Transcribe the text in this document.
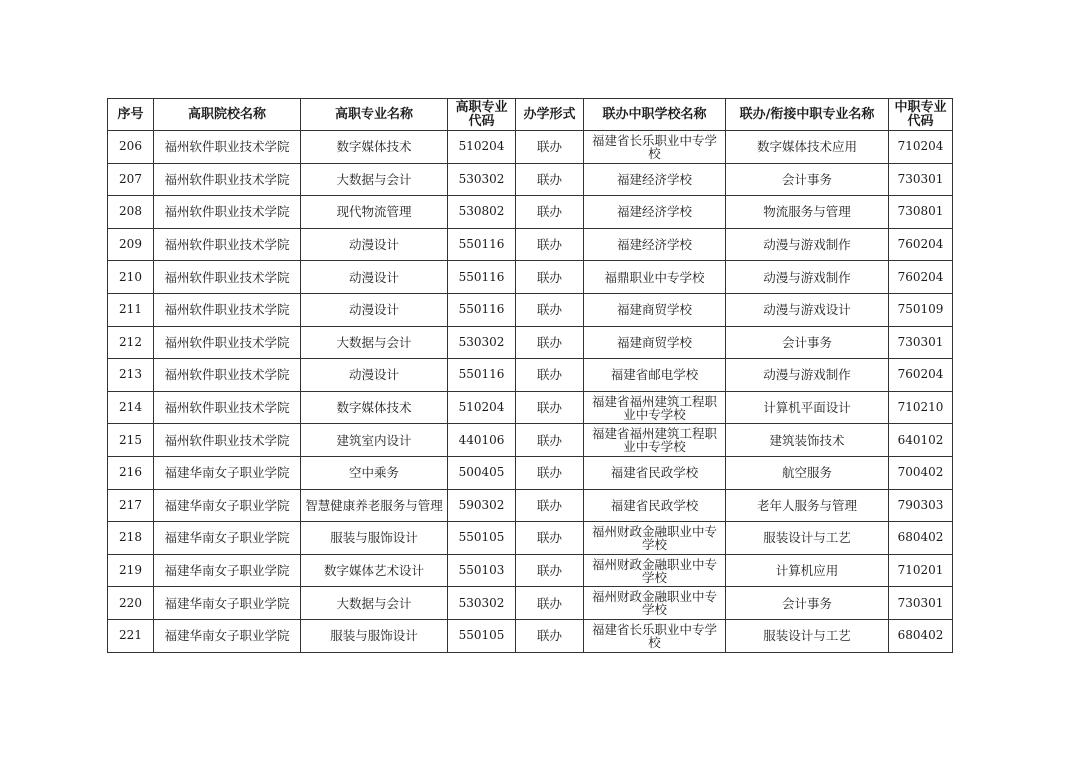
序号	高职院校名称	高职专业名称	高职专业代码	办学形式	联办中职学校名称	联办/衔接中职专业名称	中职专业代码
206	福州软件职业技术学院	数字媒体技术	510204	联办	福建省长乐职业中专学校	数字媒体技术应用	710204
207	福州软件职业技术学院	大数据与会计	530302	联办	福建经济学校	会计事务	730301
208	福州软件职业技术学院	现代物流管理	530802	联办	福建经济学校	物流服务与管理	730801
209	福州软件职业技术学院	动漫设计	550116	联办	福建经济学校	动漫与游戏制作	760204
210	福州软件职业技术学院	动漫设计	550116	联办	福鼎职业中专学校	动漫与游戏制作	760204
211	福州软件职业技术学院	动漫设计	550116	联办	福建商贸学校	动漫与游戏设计	750109
212	福州软件职业技术学院	大数据与会计	530302	联办	福建商贸学校	会计事务	730301
213	福州软件职业技术学院	动漫设计	550116	联办	福建省邮电学校	动漫与游戏制作	760204
214	福州软件职业技术学院	数字媒体技术	510204	联办	福建省福州建筑工程职业中专学校	计算机平面设计	710210
215	福州软件职业技术学院	建筑室内设计	440106	联办	福建省福州建筑工程职业中专学校	建筑装饰技术	640102
216	福建华南女子职业学院	空中乘务	500405	联办	福建省民政学校	航空服务	700402
217	福建华南女子职业学院	智慧健康养老服务与管理	590302	联办	福建省民政学校	老年人服务与管理	790303
218	福建华南女子职业学院	服装与服饰设计	550105	联办	福州财政金融职业中专学校	服装设计与工艺	680402
219	福建华南女子职业学院	数字媒体艺术设计	550103	联办	福州财政金融职业中专学校	计算机应用	710201
220	福建华南女子职业学院	大数据与会计	530302	联办	福州财政金融职业中专学校	会计事务	730301
221	福建华南女子职业学院	服装与服饰设计	550105	联办	福建省长乐职业中专学校	服装设计与工艺	680402
